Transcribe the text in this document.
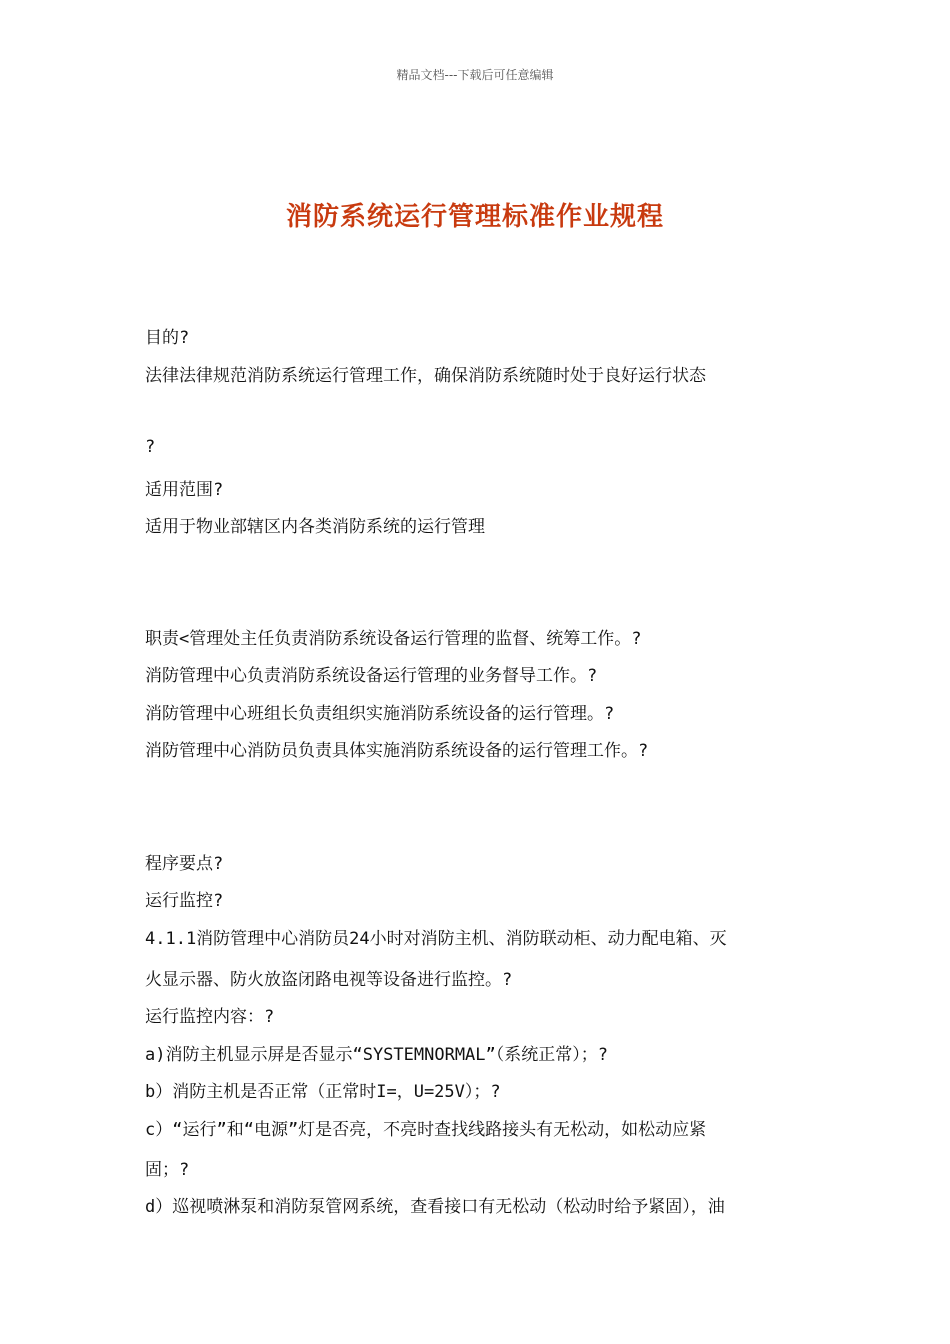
精品文档---下载后可任意编辑
消防系统运行管理标准作业规程
目的?
法律法律规范消防系统运行管理工作，确保消防系统随时处于良好运行状态
?
适用范围?
适用于物业部辖区内各类消防系统的运行管理
职责<管理处主任负责消防系统设备运行管理的监督、统筹工作。?
消防管理中心负责消防系统设备运行管理的业务督导工作。?
消防管理中心班组长负责组织实施消防系统设备的运行管理。?
消防管理中心消防员负责具体实施消防系统设备的运行管理工作。?
程序要点?
运行监控?
4.1.1消防管理中心消防员24小时对消防主机、消防联动柜、动力配电箱、灭
火显示器、防火放盗闭路电视等设备进行监控。?
运行监控内容：?
a)消防主机显示屏是否显示“SYSTEMNORMAL”（系统正常）；?
b）消防主机是否正常（正常时I=，U=25V）；?
c）“运行”和“电源”灯是否亮，不亮时查找线路接头有无松动，如松动应紧
固；?
d）巡视喷淋泵和消防泵管网系统，查看接口有无松动（松动时给予紧固），油
